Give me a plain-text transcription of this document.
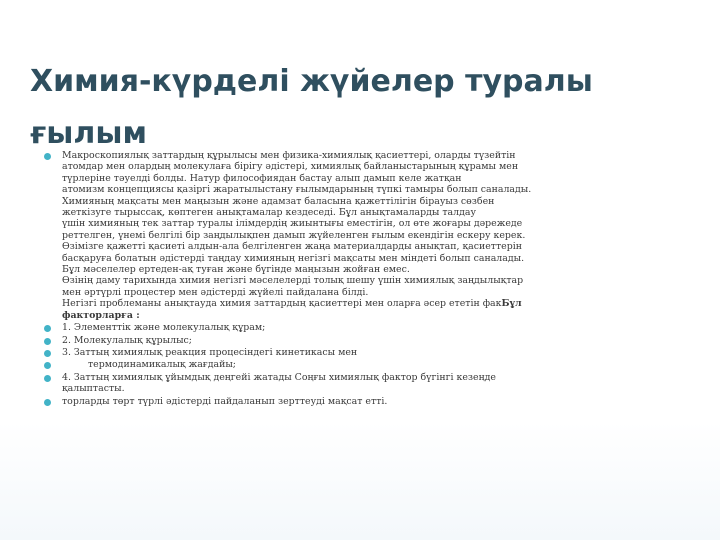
Химия-күрделі жүйелер туралы
ғылым
Макроскопиялық заттардың құрылысы мен физика-химиялық қасиеттері, оларды түзейтін
атомдар мен олардың молекулаға бірігу әдістері, химиялық байланыстарының құрамы мен
түрлеріне тәуелді болды. Натур философиядан бастау алып дамып келе жатқан
атомизм концепциясы қазіргі жаратылыстану ғылымдарының түпкі тамыры болып саналады.
Химияның мақсаты мен маңызын және адамзат баласына қажеттілігін бірауыз сөзбен
жеткізуге тырыссақ, көптеген анықтамалар кездеседі. Бұл анықтамаларды талдау
үшін химияның тек заттар туралы ілімдердің жиынтығы еместігін, ол өте жоғары дәрежеде
реттелген, үнемі белгілі бір заңдылықпен дамып жүйеленген ғылым екендігін ескеру керек.
Өзімізге қажетті қасиеті алдын-ала белгіленген жаңа материалдарды анықтап, қасиеттерін
басқаруға болатын әдістерді таңдау химияның негізгі мақсаты мен міндеті болып саналады.
Бұл мәселелер ертеден-ақ туған және бүгінде маңызын жойған емес.
Өзінің даму тарихында химия негізгі мәселелерді толық шешу үшін химиялық заңдылықтар
мен әртүрлі процестер мен әдістерді жүйелі пайдалана білді.
Негізгі проблеманы анықтауда химия заттардың қасиеттері мен оларға әсер ететін факБұл
факторларға :
1. Элементтік және молекулалық құрам;
2. Молекулалық құрылыс;
3. Заттың химиялық реакция процесіндегі кинетикасы мен
термодинамикалық жағдайы;
4. Заттың химиялық ұйымдық деңгейі жатады Соңғы химиялық фактор бүгінгі кезеңде
қалыптасты.
торларды төрт түрлі әдістерді пайдаланып зерттеуді мақсат етті.
